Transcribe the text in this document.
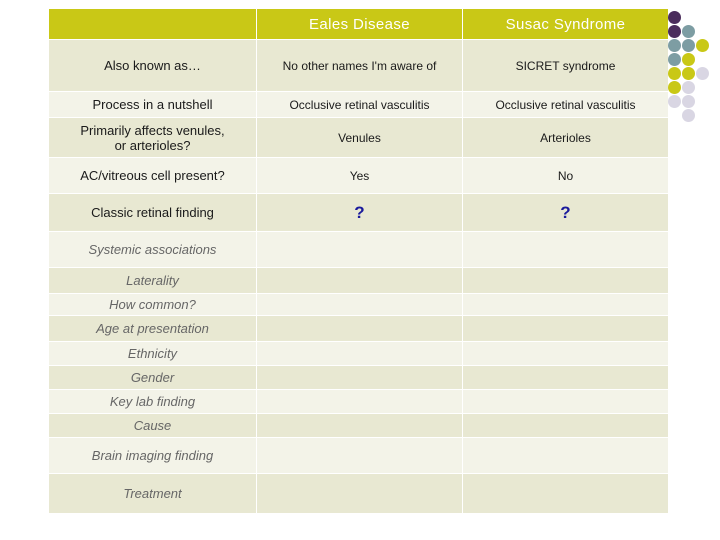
	Eales Disease	Susac Syndrome
Also known as…	No other names I'm aware of	SICRET syndrome
Process in a nutshell	Occlusive retinal vasculitis	Occlusive retinal vasculitis

Primarily affects venules,
or arterioles?	Venules	Arterioles
AC/vitreous cell present?	Yes	No
Classic retinal finding	?	?
Systemic associations		
Laterality		
How common?		
Age at presentation		
Ethnicity		
Gender		
Key lab finding		
Cause		
Brain imaging finding		
Treatment		
